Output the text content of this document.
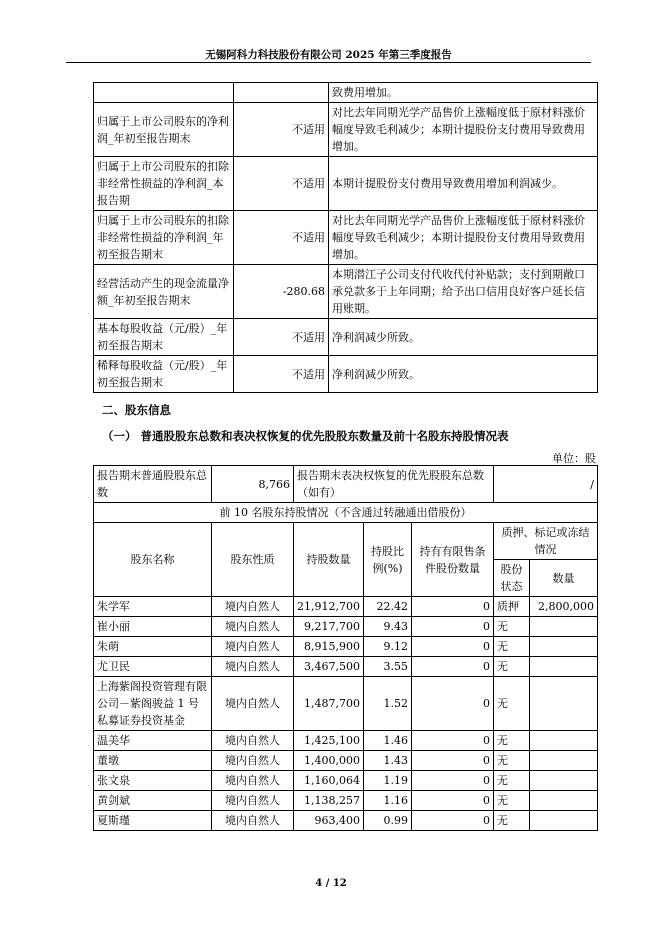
无锡阿科力科技股份有限公司 2025 年第三季度报告
		致费用增加。
归属于上市公司股东的净利润_年初至报告期末	不适用	对比去年同期光学产品售价上涨幅度低于原材料涨价幅度导致毛利减少；本期计提股份支付费用导致费用增加。
归属于上市公司股东的扣除非经常性损益的净利润_本报告期	不适用	本期计提股份支付费用导致费用增加利润减少。
归属于上市公司股东的扣除非经常性损益的净利润_年初至报告期末	不适用	对比去年同期光学产品售价上涨幅度低于原材料涨价幅度导致毛利减少；本期计提股份支付费用导致费用增加。
经营活动产生的现金流量净额_年初至报告期末	-280.68	本期潜江子公司支付代收代付补贴款；支付到期敞口承兑款多于上年同期；给予出口信用良好客户延长信用账期。
基本每股收益（元/股）_年初至报告期末	不适用	净利润减少所致。
稀释每股收益（元/股）_年初至报告期末	不适用	净利润减少所致。
二、股东信息
（一） 普通股股东总数和表决权恢复的优先股股东数量及前十名股东持股情况表
单位：股
报告期末普通股股东总数	8,766	报告期末表决权恢复的优先股股东总数（如有）			/	
前 10 名股东持股情况（不含通过转融通出借股份）						
股东名称	股东性质	持股数量	持股比例(%)	持有有限售条件股份数量	质押、标记或冻结情况	
					股份状态	数量
朱学军	境内自然人	21,912,700	22.42	0	质押	2,800,000
崔小丽	境内自然人	9,217,700	9.43	0	无	
朱萌	境内自然人	8,915,900	9.12	0	无	
尤卫民	境内自然人	3,467,500	3.55	0	无	
上海紫阁投资管理有限公司－紫阁骏益 1 号私募证券投资基金	境内自然人	1,487,700	1.52	0	无	
温美华	境内自然人	1,425,100	1.46	0	无	
董墩	境内自然人	1,400,000	1.43	0	无	
张文泉	境内自然人	1,160,064	1.19	0	无	
黄剑斌	境内自然人	1,138,257	1.16	0	无	
夏斯瑾	境内自然人	963,400	0.99	0	无	
4 / 12
